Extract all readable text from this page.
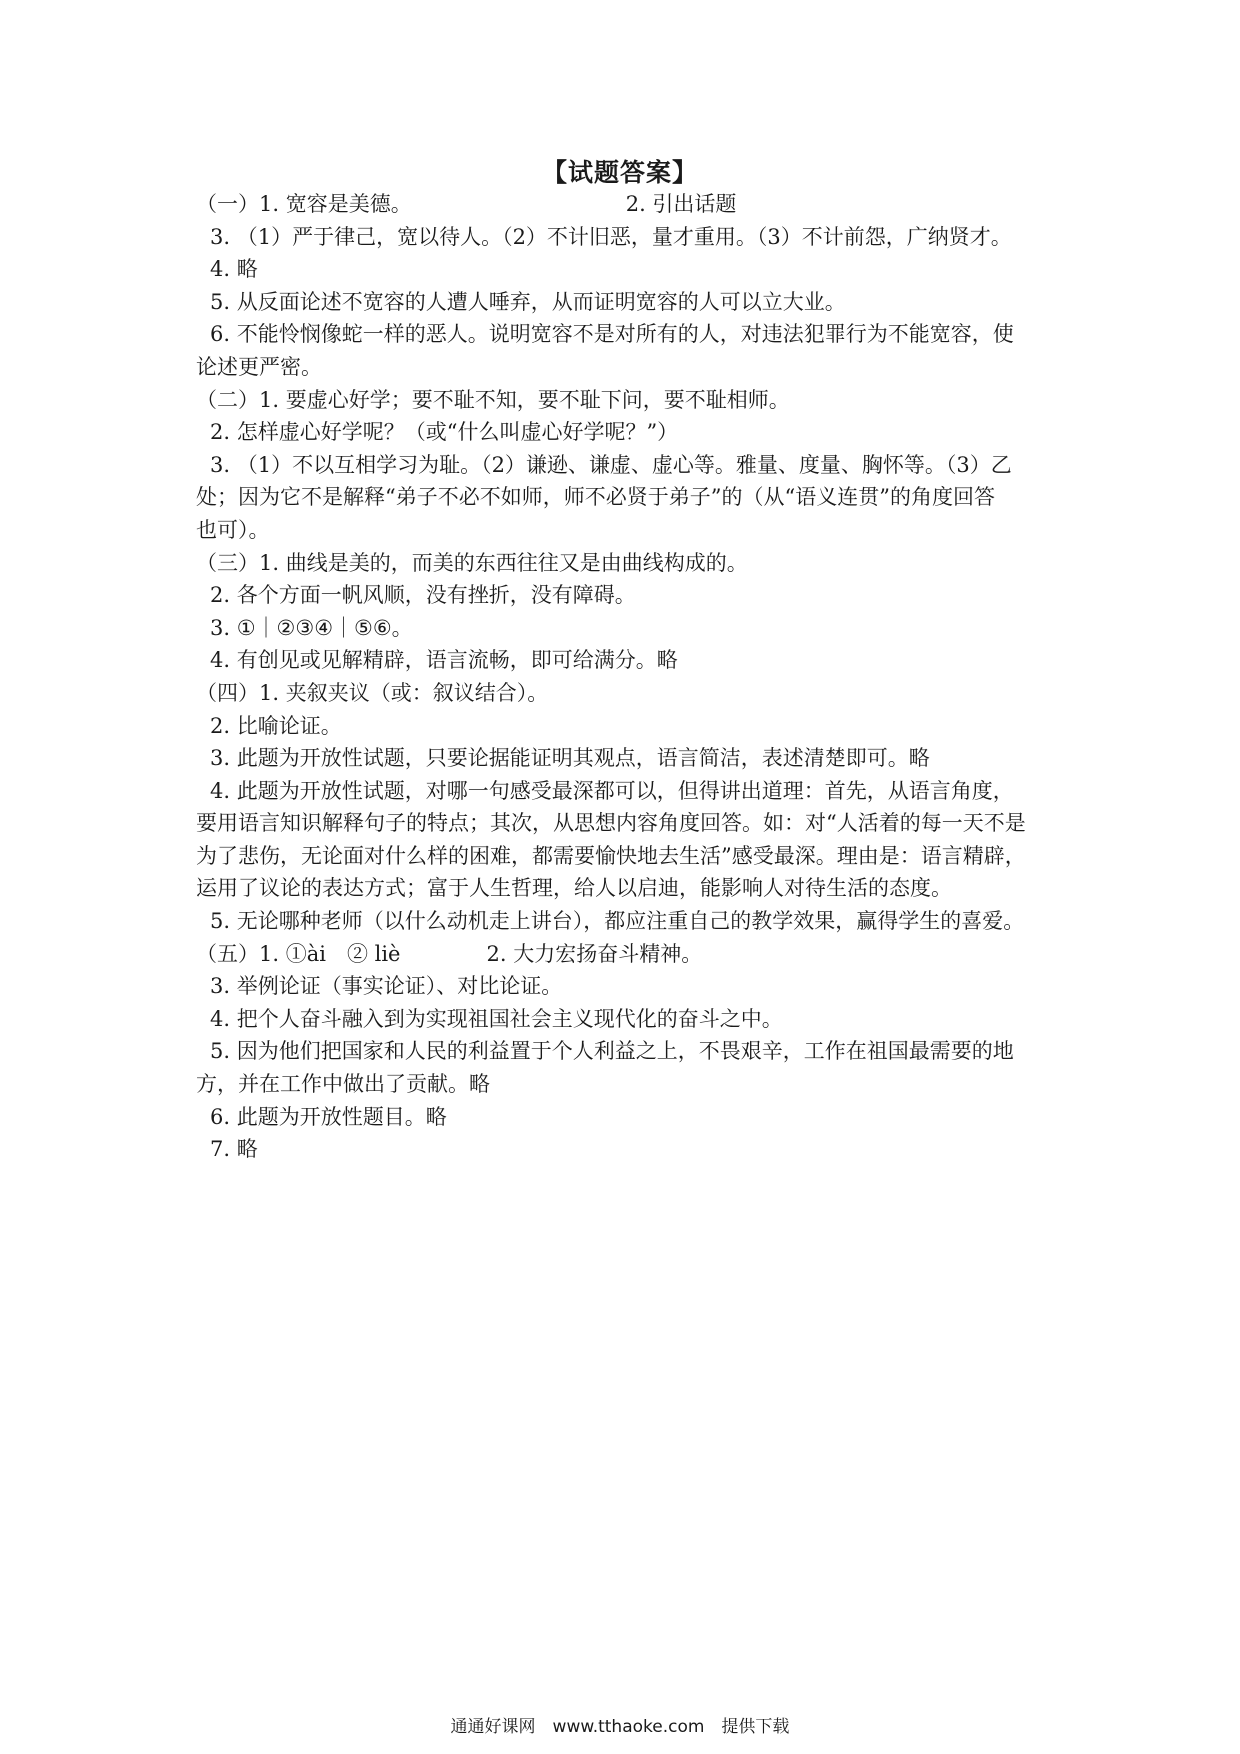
【试题答案】
（一）1. 宽容是美德。	2. 引出话题
3. （1）严于律己，宽以待人。（2）不计旧恶，量才重用。（3）不计前怨，广纳贤才。
4. 略
5. 从反面论述不宽容的人遭人唾弃，从而证明宽容的人可以立大业。
6. 不能怜悯像蛇一样的恶人。说明宽容不是对所有的人，对违法犯罪行为不能宽容，使
论述更严密。
（二）1. 要虚心好学；要不耻不知，要不耻下问，要不耻相师。
2. 怎样虚心好学呢？（或“什么叫虚心好学呢？”）
3. （1）不以互相学习为耻。（2）谦逊、谦虚、虚心等。雅量、度量、胸怀等。（3）乙
处；因为它不是解释“弟子不必不如师，师不必贤于弟子”的（从“语义连贯”的角度回答
也可）。
（三）1. 曲线是美的，而美的东西往往又是由曲线构成的。
2. 各个方面一帆风顺，没有挫折，没有障碍。
3. ①｜②③④｜⑤⑥。
4. 有创见或见解精辟，语言流畅，即可给满分。略
（四）1. 夹叙夹议（或：叙议结合）。
2. 比喻论证。
3. 此题为开放性试题，只要论据能证明其观点，语言简洁，表述清楚即可。略
4. 此题为开放性试题，对哪一句感受最深都可以，但得讲出道理：首先，从语言角度，
要用语言知识解释句子的特点；其次，从思想内容角度回答。如：对“人活着的每一天不是
为了悲伤，无论面对什么样的困难，都需要愉快地去生活”感受最深。理由是：语言精辟，
运用了议论的表达方式；富于人生哲理，给人以启迪，能影响人对待生活的态度。
5. 无论哪种老师（以什么动机走上讲台），都应注重自己的教学效果，赢得学生的喜爱。
（五）1. ①ài　② liè	2. 大力宏扬奋斗精神。
3. 举例论证（事实论证）、对比论证。
4. 把个人奋斗融入到为实现祖国社会主义现代化的奋斗之中。
5. 因为他们把国家和人民的利益置于个人利益之上，不畏艰辛，工作在祖国最需要的地
方，并在工作中做出了贡献。略
6. 此题为开放性题目。略
7. 略
通通好课网　www.tthaoke.com　提供下载
